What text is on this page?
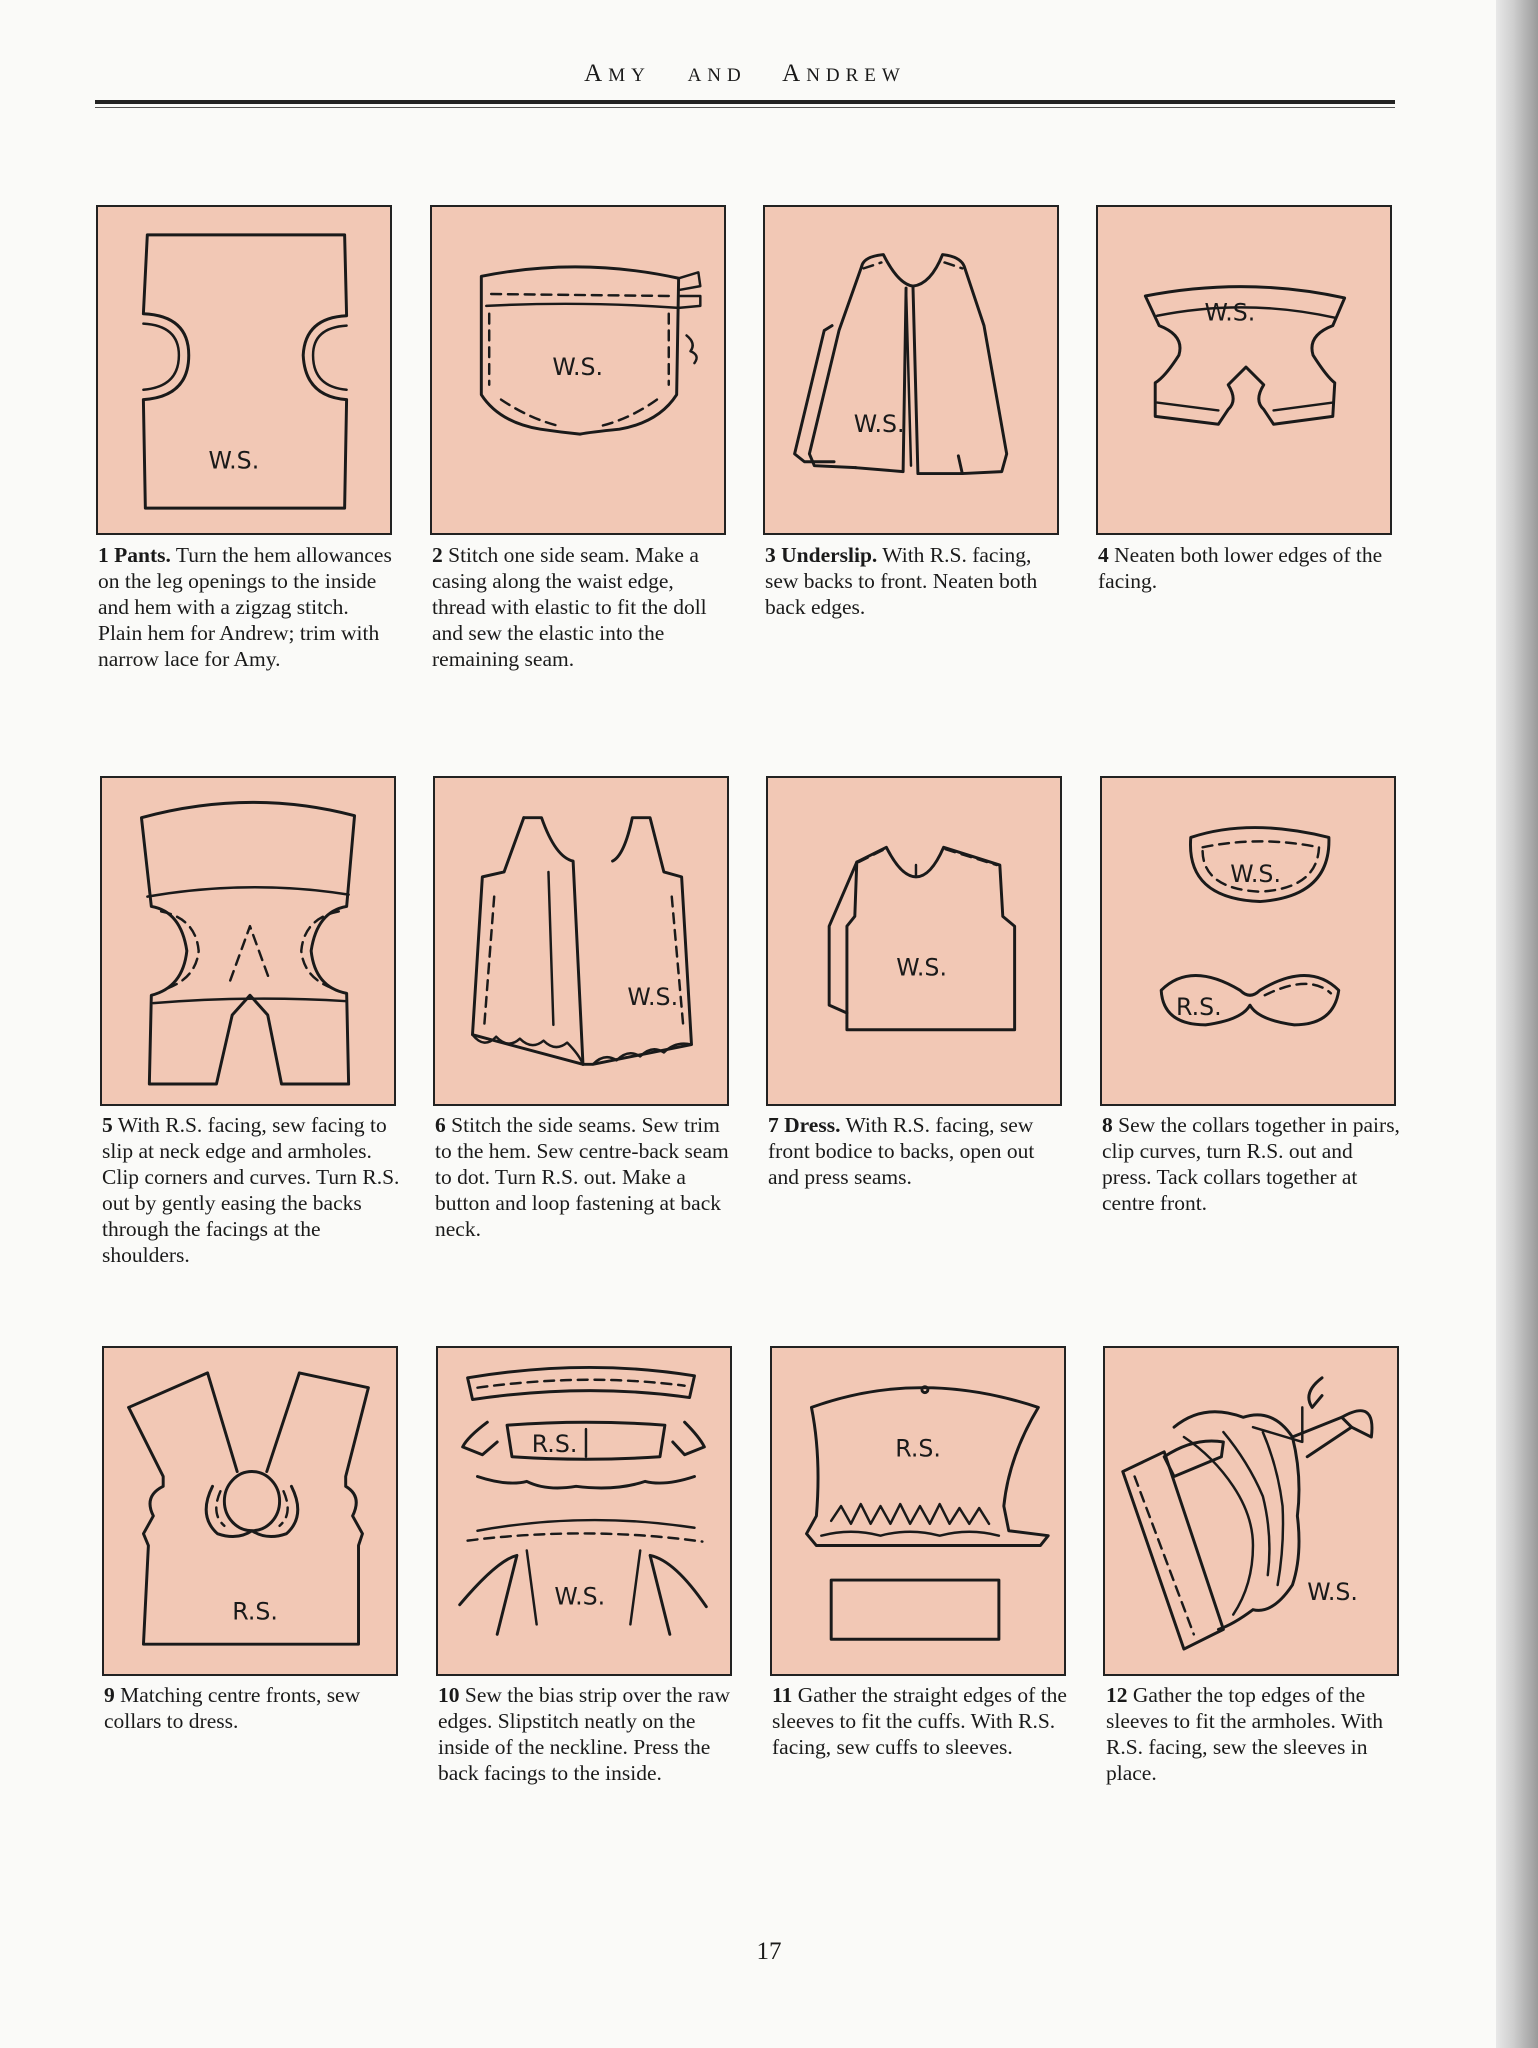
AMY AND ANDREW
W.S.
W.S.
W.S.
W.S.
1 Pants. Turn the hem allowances on the leg openings to the inside and hem with a zigzag stitch. Plain hem for Andrew; trim with narrow lace for Amy.
2 Stitch one side seam. Make a casing along the waist edge, thread with elastic to fit the doll and sew the elastic into the remaining seam.
3 Underslip. With R.S. facing, sew backs to front. Neaten both back edges.
4 Neaten both lower edges of the facing.
W.S.
W.S.
W.S.
R.S.
5 With R.S. facing, sew facing to slip at neck edge and armholes. Clip corners and curves. Turn R.S. out by gently easing the backs through the facings at the shoulders.
6 Stitch the side seams. Sew trim to the hem. Sew centre-back seam to dot. Turn R.S. out. Make a button and loop fastening at back neck.
7 Dress. With R.S. facing, sew front bodice to backs, open out and press seams.
8 Sew the collars together in pairs, clip curves, turn R.S. out and press. Tack collars together at centre front.
R.S.
R.S.
W.S.
R.S.
W.S.
9 Matching centre fronts, sew collars to dress.
10 Sew the bias strip over the raw edges. Slipstitch neatly on the inside of the neckline. Press the back facings to the inside.
11 Gather the straight edges of the sleeves to fit the cuffs. With R.S. facing, sew cuffs to sleeves.
12 Gather the top edges of the sleeves to fit the armholes. With R.S. facing, sew the sleeves in place.
17
